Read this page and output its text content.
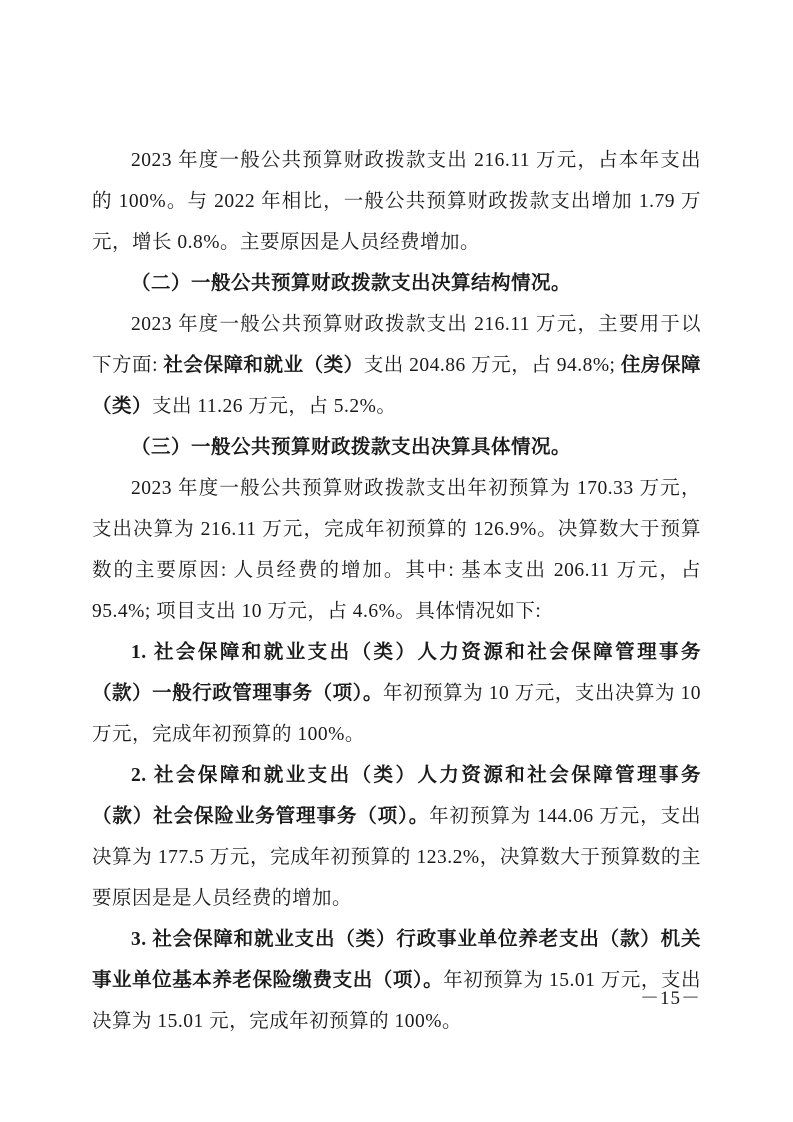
2023 年度一般公共预算财政拨款支出 216.11 万元，占本年支出的 100%。与 2022 年相比，一般公共预算财政拨款支出增加 1.79 万元，增长 0.8%。主要原因是人员经费增加。

（二）一般公共预算财政拨款支出决算结构情况。

2023 年度一般公共预算财政拨款支出 216.11 万元，主要用于以下方面: 社会保障和就业（类）支出 204.86 万元，占 94.8%; 住房保障（类）支出 11.26 万元，占 5.2%。

（三）一般公共预算财政拨款支出决算具体情况。

2023 年度一般公共预算财政拨款支出年初预算为 170.33 万元，支出决算为 216.11 万元，完成年初预算的 126.9%。决算数大于预算数的主要原因: 人员经费的增加。其中: 基本支出 206.11 万元，占 95.4%; 项目支出 10 万元，占 4.6%。具体情况如下:

1. 社会保障和就业支出（类）人力资源和社会保障管理事务（款）一般行政管理事务（项）。年初预算为 10 万元，支出决算为 10 万元，完成年初预算的 100%。

2. 社会保障和就业支出（类）人力资源和社会保障管理事务（款）社会保险业务管理事务（项）。年初预算为 144.06 万元，支出决算为 177.5 万元，完成年初预算的 123.2%，决算数大于预算数的主要原因是是人员经费的增加。

3. 社会保障和就业支出（类）行政事业单位养老支出（款）机关事业单位基本养老保险缴费支出（项）。年初预算为 15.01 万元，支出决算为 15.01 元，完成年初预算的 100%。

－15－
